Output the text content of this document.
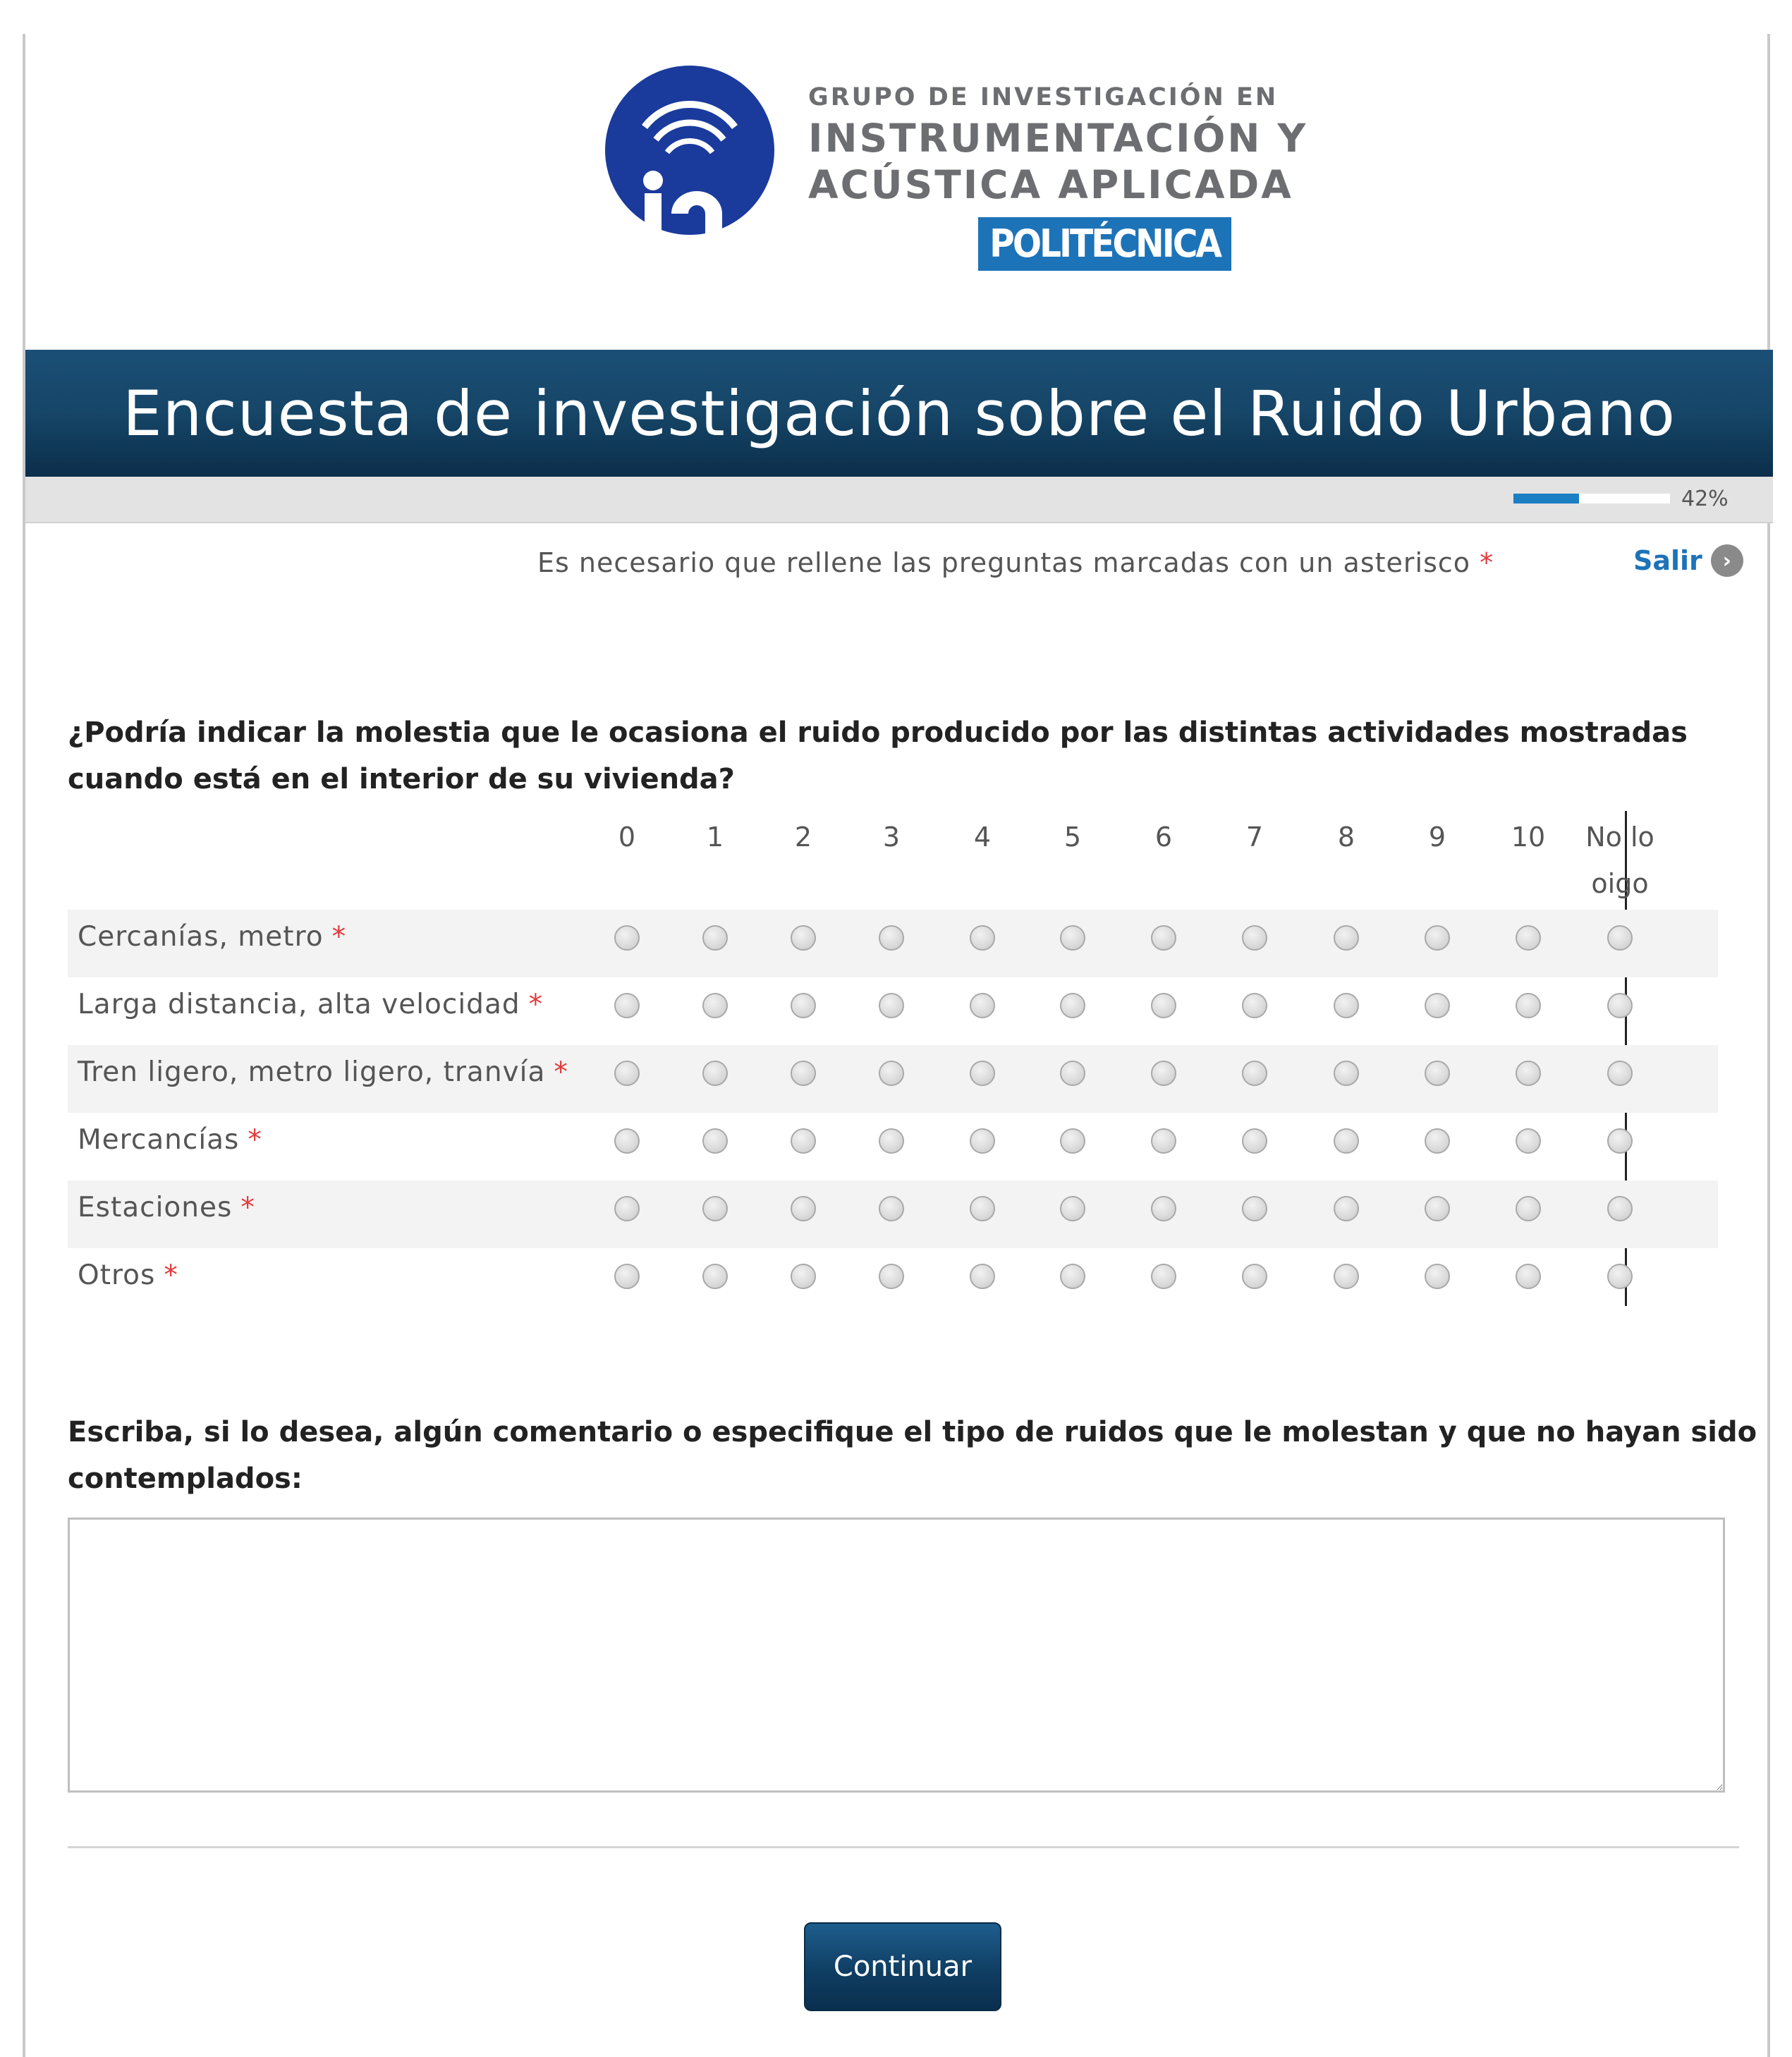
GRUPO DE INVESTIGACIÓN EN
INSTRUMENTACIÓN Y
ACÚSTICA APLICADA
POLITÉCNICA
Encuesta de investigación sobre el Ruido Urbano
42%
Es necesario que rellene las preguntas marcadas con un asterisco *	Salir ›
¿Podría indicar la molestia que le ocasiona el ruido producido por las distintas actividades mostradas cuando está en el interior de su vivienda?
0	1	2	3	4	5	6	7	8	9	10	No lo oigo
Cercanías, metro *
Larga distancia, alta velocidad *
Tren ligero, metro ligero, tranvía *
Mercancías *
Estaciones *
Otros *
Escriba, si lo desea, algún comentario o especifique el tipo de ruidos que le molestan y que no hayan sido contemplados:
Continuar
